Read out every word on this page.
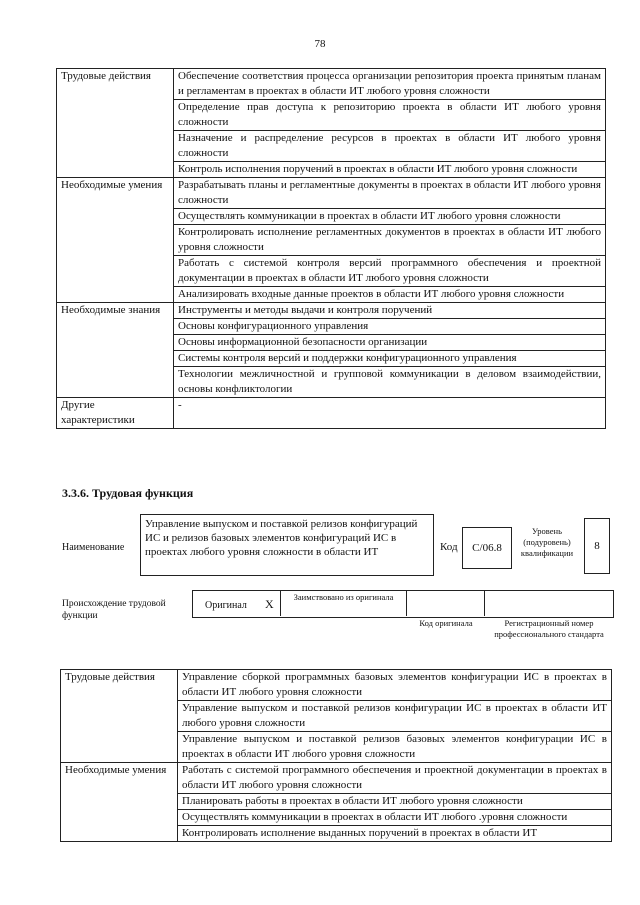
78
Трудовые действия	Обеспечение соответствия процесса организации репозитория проекта принятым планам и регламентам в проектах в области ИТ любого уровня сложности
	Определение прав доступа к репозиторию проекта в области ИТ любого уровня сложности
	Назначение и распределение ресурсов в проектах в области ИТ любого уровня сложности
	Контроль исполнения поручений в проектах в области ИТ любого уровня сложности
Необходимые умения	Разрабатывать планы и регламентные документы в проектах в области ИТ любого уровня сложности
	Осуществлять коммуникации в проектах в области ИТ любого уровня сложности
	Контролировать исполнение регламентных документов в проектах в области ИТ любого уровня сложности
	Работать с системой контроля версий программного обеспечения и проектной документации в проектах в области ИТ любого уровня сложности
	Анализировать входные данные проектов в области ИТ любого уровня сложности
Необходимые знания	Инструменты и методы выдачи и контроля поручений
	Основы конфигурационного управления
	Основы информационной безопасности организации
	Системы контроля версий и поддержки конфигурационного управления
	Технологии межличностной и групповой коммуникации в деловом взаимодействии, основы конфликтологии
Другие характеристики	-
3.3.6. Трудовая функция
Наименование
Управление выпуском и поставкой релизов конфигураций ИС и релизов базовых элементов конфигураций ИС в проектах любого уровня сложности в области ИТ	Код C/06.8
Уровень (подуровень) квалификации
8
Происхождение трудовой функции
Оригинал X	Заимствовано из оригинала
Код оригинала	Регистрационный номер профессионального стандарта
Трудовые действия	Управление сборкой программных базовых элементов конфигурации ИС в проектах в области ИТ любого уровня сложности
	Управление выпуском и поставкой релизов конфигурации ИС в проектах в области ИТ любого уровня сложности
	Управление выпуском и поставкой релизов базовых элементов конфигурации ИС в проектах в области ИТ любого уровня сложности
Необходимые умения	Работать с системой программного обеспечения и проектной документации в проектах в области ИТ любого уровня сложности
	Планировать работы в проектах в области ИТ любого уровня сложности
	Осуществлять коммуникации в проектах в области ИТ любого .уровня сложности
	Контролировать исполнение выданных поручений в проектах в области ИТ
